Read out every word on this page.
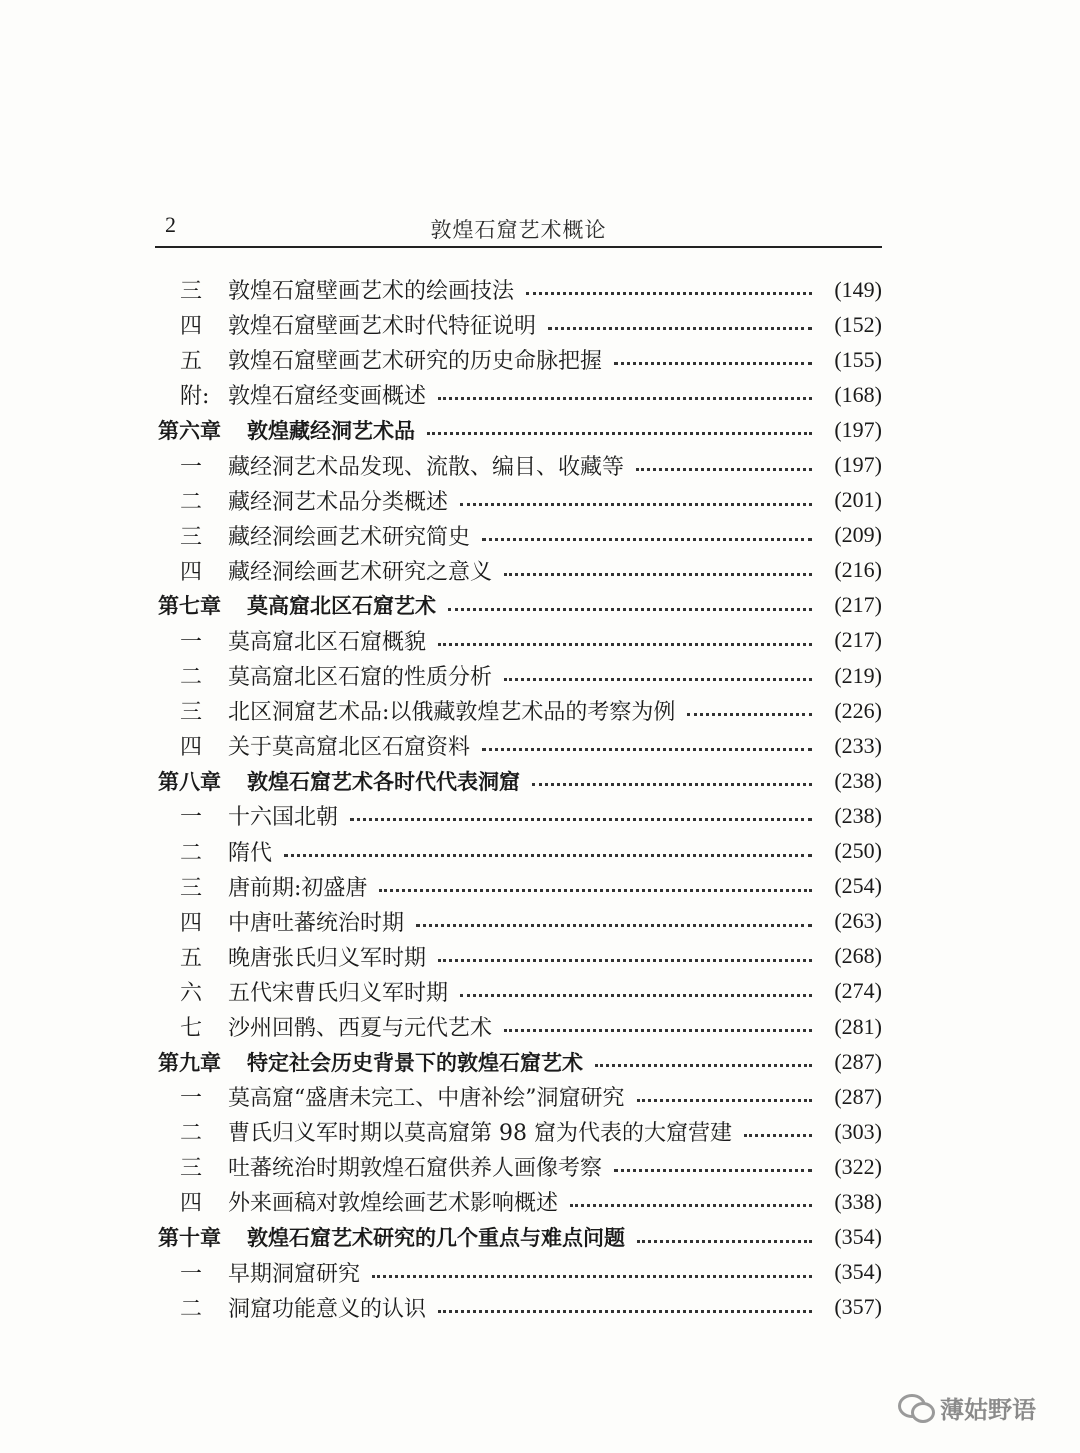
2	敦煌石窟艺术概论
三	敦煌石窟壁画艺术的绘画技法	(149)
四	敦煌石窟壁画艺术时代特征说明	(152)
五	敦煌石窟壁画艺术研究的历史命脉把握	(155)
附: 敦煌石窟经变画概述	(168)
第六章	敦煌藏经洞艺术品	(197)
一	藏经洞艺术品发现、流散、编目、收藏等	(197)
二	藏经洞艺术品分类概述	(201)
三	藏经洞绘画艺术研究简史	(209)
四	藏经洞绘画艺术研究之意义	(216)
第七章	莫高窟北区石窟艺术	(217)
一	莫高窟北区石窟概貌	(217)
二	莫高窟北区石窟的性质分析	(219)
三	北区洞窟艺术品:以俄藏敦煌艺术品的考察为例	(226)
四	关于莫高窟北区石窟资料	(233)
第八章	敦煌石窟艺术各时代代表洞窟	(238)
一	十六国北朝	(238)
二	隋代	(250)
三	唐前期:初盛唐	(254)
四	中唐吐蕃统治时期	(263)
五	晚唐张氏归义军时期	(268)
六	五代宋曹氏归义军时期	(274)
七	沙州回鹘、西夏与元代艺术	(281)
第九章	特定社会历史背景下的敦煌石窟艺术	(287)
一	莫高窟“盛唐未完工、中唐补绘”洞窟研究	(287)
二	曹氏归义军时期以莫高窟第 98 窟为代表的大窟营建	(303)
三	吐蕃统治时期敦煌石窟供养人画像考察	(322)
四	外来画稿对敦煌绘画艺术影响概述	(338)
第十章	敦煌石窟艺术研究的几个重点与难点问题	(354)
一	早期洞窟研究	(354)
二	洞窟功能意义的认识	(357)
薄姑野语
